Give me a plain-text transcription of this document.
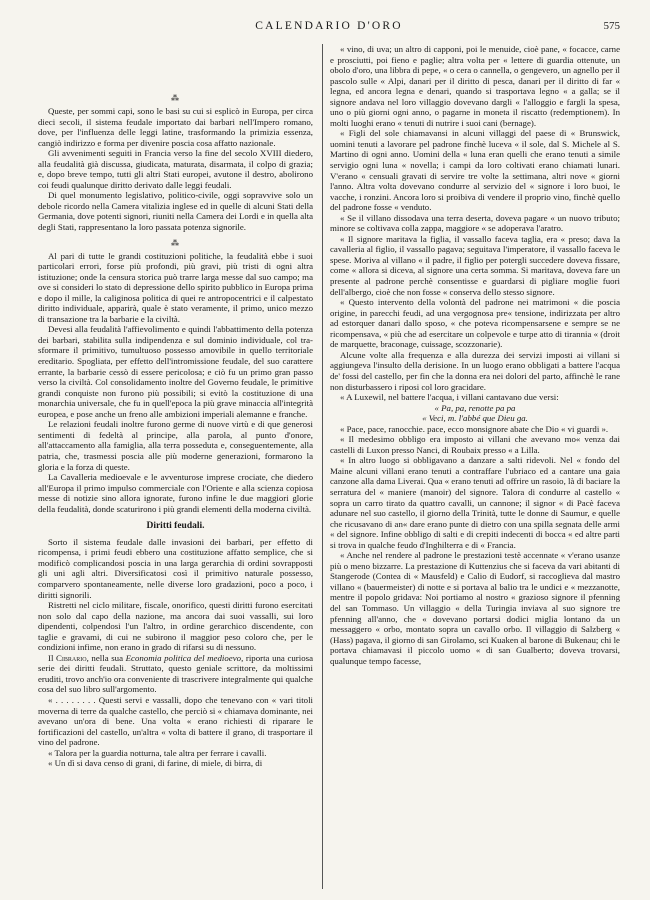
CALENDARIO D'ORO	575
⁂

Queste, per sommi capi, sono le basi su cui si esplicò in Europa, per circa dieci secoli, il sistema feudale importato dai barbari nell'Impero romano, dove, per l'influenza delle leggi latine, trasformando la primizia essenza, cangiò indirizzo e forma per divenire poscia cosa affatto nazionale.

Gli avvenimenti seguiti in Francia verso la fine del secolo XVIII diedero, alla feudalità già discussa, giudicata, maturata, disarmata, il colpo di grazia; e, dopo breve tempo, tutti gli altri Stati europei, avutone il destro, abolirono coi feudi qualunque diritto derivato dalle leggi feudali.

Di quel monumento legislativo, politico-civile, oggi sopravvive solo un debole ricordo nella Camera vitalizia inglese ed in quelle di alcuni Stati della Germania, dove potenti signori, riuniti nella Camera dei Lordi e in quella alta degli Stati, rappresentano la loro passata potenza signorile.

⁂

Al pari di tutte le grandi costituzioni politiche, la feudalità ebbe i suoi particolari errori, forse più profondi, più gravi, più tristi di ogni altra istituzione; onde la censura storica può trarre larga messe dal suo campo; ma ove si consideri lo stato di depressione dello spirito pubblico in Europa prima e dopo il mille, la caliginosa politica di quei re antropocentrici e il calpestato diritto individuale, apparirà, quale è stato veramente, il primo, unico mezzo di transazione tra la barbarie e la civiltà.

Devesi alla feudalità l'affievolimento e quindi l'abbattimento della potenza dei barbari, stabilita sulla indipendenza e sul dominio individuale, col tra-sformare il primitivo, tumultuoso possesso amovibile in quello territoriale ereditario. Spogliata, per effetto dell'intromissione feudale, del suo carattere errante, la barbarie cessò di essere pericolosa; e ciò fu un primo gran passo verso la civiltà. Col consolidamento inoltre del Governo feudale, le primitive grandi conquiste non furono più possibili; si evitò la costituzione di una monarchia universale, che fu in quell'epoca la più grave minaccia all'integrità europea, e pose anche un freno alle ambizioni imperiali alemanne e franche.

Le relazioni feudali inoltre furono germe di nuove virtù e di que generosi sentimenti di fedeltà al principe, alla parola, al punto d'onore, all'attaccamento alla famiglia, alla terra posseduta e, conseguentemente, alla patria, che, trasmessi poscia alle più moderne generazioni, formarono la gloria e la forza di queste.

La Cavalleria medioevale e le avventurose imprese crociate, che diedero all'Europa il primo impulso commerciale con l'Oriente e alla scienza copiosa messe di notizie sino allora ignorate, furono infine le due maggiori glorie della feudalità, donde scaturirono i più grandi elementi della moderna civiltà.

Diritti feudali.

Sorto il sistema feudale dalle invasioni dei barbari, per effetto di ricompensa, i primi feudi ebbero una costituzione affatto semplice, che si modificò complicandosi poscia in una larga gerarchia di ordini sovrapposti gli uni agli altri. Diversificatosi così il primitivo naturale possesso, comparvero spontaneamente, nelle diverse loro gradazioni, poco a poco, i diritti signorili.

Ristretti nel ciclo militare, fiscale, onorifico, questi diritti furono esercitati non solo dal capo della nazione, ma ancora dai suoi vassalli, sui loro dipendenti, colpendosi l'un l'altro, in ordine gerarchico discendente, con taglie e gravami, di cui ne subirono il maggior peso coloro che, per le condizioni infime, non erano in grado di rifarsi su di nessuno.

Il Cibrario, nella sua Economia politica del medioevo, riporta una curiosa serie dei diritti feudali. Struttato, questo geniale scrittore, da moltissimi eruditi, trovo anch'io ora conveniente di trascrivere integralmente qui qualche cosa del suo libro sull'argomento.

« . . . . . . . . Questi servi e vassalli, dopo che tenevano con « vari titoli moverna di terre da qualche castello, che perciò si « chiamava dominante, nei avevano un'ora di bene. Una volta « erano richiesti di riparare le fortificazioni del castello, un'altra « volta di battere il grano, di trasportare il vino del padrone.

« Talora per la guardia notturna, tale altra per ferrare i cavalli.

« Un dì si dava censo di grani, di farine, di miele, di birra, di

« vino, di uva; un altro di capponi, poi le menuide, cioè pane, « focacce, carne e prosciutti, poi fieno e paglie; altra volta per « lettere di guardia ottenute, un obolo d'oro, una libbra di pepe, « o cera o cannella, o gengevero, un agnello per il pascolo sulle « Alpi, danari per il diritto di pesca, danari per il diritto di far « legna, ed ancora legna e denari, quando si trasportava legno « a galla; se il signore andava nel loro villaggio dovevano dargli « l'alloggio e fargli la spesa, uno o più giorni ogni anno, o pagarne in moneta il riscatto (redemptionem). In molti luoghi erano « tenuti di nutrire i suoi cani (bernage).

« Figli del sole chiamavansi in alcuni villaggi del paese di « Brunswick, uomini tenuti a lavorare pel padrone finchè luceva « il sole, dal S. Michele al S. Martino di ogni anno. Uomini della « luna eran quelli che erano tenuti a simile servigio ogni luna « novella; i campi da loro coltivati erano chiamati lunari. V'erano « censuali gravati di servire tre volte la settimana, altri nove « giorni l'anno. Altra volta dovevano condurre al servizio del « signore i loro buoi, le vacche, i ronzini. Ancora loro si proibiva di vendere il proprio vino, finchè quello del padrone fosse « venduto.

« Se il villano dissodava una terra deserta, doveva pagare « un nuovo tributo; minore se coltivava colla zappa, maggiore « se adoperava l'aratro.

« Il signore maritava la figlia, il vassallo faceva taglia, era « preso; dava la cavalleria al figlio, il vassallo pagava; seguitava l'imperatore, il vassallo faceva le spese. Moriva al villano « il padre, il figlio per potergli succedere doveva fissare, come « allora si diceva, al signore una certa somma. Si maritava, doveva fare un presente al padrone perchè consentisse e guardarsi di pigliare moglie fuori dell'albergo, cioè che non fosse « conserva dello stesso signore.

« Questo intervento della volontà del padrone nei matrimoni « die poscia origine, in parecchi feudi, ad una vergognosa pre« tensione, indirizzata per altro ad estorquer danari dallo sposo, « che poteva ricompensarsene e sempre se ne ricompensava, « più che ad esercitare un colpevole e turpe atto di tirannia « (droit de marquette, braconage, cuissage, scozzonarie).

Alcune volte alla frequenza e alla durezza dei servizi imposti ai villani si aggiungeva l'insulto della derisione. In un luogo erano obbligati a battere l'acqua de' fossi del castello, per fin che la donna era nei dolori del parto, affinchè le rane non disturbassero i riposi col loro gracidare.

« A Luxewil, nel battere l'acqua, i villani cantavano due versi:

« Pa, pa, renotte pa pa

« Veci, m. l'abbé que Dieu ga.

« Pace, pace, ranocchie. pace, ecco monsignore abate che Dio « vi guardi ».

« Il medesimo obbligo era imposto ai villani che avevano mo« venza dai castelli di Luxon presso Nanci, di Roubaix presso « a Lilla.

« In altro luogo si obbligavano a danzare a salti ridevoli. Nel « fondo del Maine alcuni villani erano tenuti a contraffare l'ubriaco ed a cantare una gaia canzone alla dama Liverai. Qua « erano tenuti ad offrire un rasoio, là di baciare la serratura del « maniere (manoir) del signore. Talora di condurre al castello « sopra un carro tirato da quattro cavalli, un cannone; il signor « di Pacè faceva adunare nel suo castello, il giorno della Trinità, tutte le donne di Saumur, e quelle che ricusavano di an« dare erano punte di dietro con una spilla segnata delle armi « del signore. Infine obbligo di salti e di crepiti indecenti di bocca « ed altre parti si trova in qualche feudo d'Inghilterra e di « Francia.

« Anche nel rendere al padrone le prestazioni testè accennate « v'erano usanze più o meno bizzarre. La prestazione di Kuttenzius che si faceva da vari abitanti di Stangerode (Contea di « Mausfeld) e Calio di Eudorf, si raccoglieva dal mastro villano « (bauermeister) di notte e si portava al balio tra le undici e « mezzanotte, mentre il popolo gridava: Noi portiamo al nostro « grazioso signore il pfenning del san Tommaso. Un villaggio « della Turingia inviava al suo signore tre pfenning all'anno, che « dovevano portarsi dodici miglia lontano da un messaggero « orbo, montato sopra un cavallo orbo. Il villaggio di Salzberg « (Hass) pagava, il giorno di san Girolamo, sci Kuaken al barone di Bukenau; chi le portava chiamavasi il piccolo uomo « di san Gualberto; doveva trovarsi, qualunque tempo facesse,
